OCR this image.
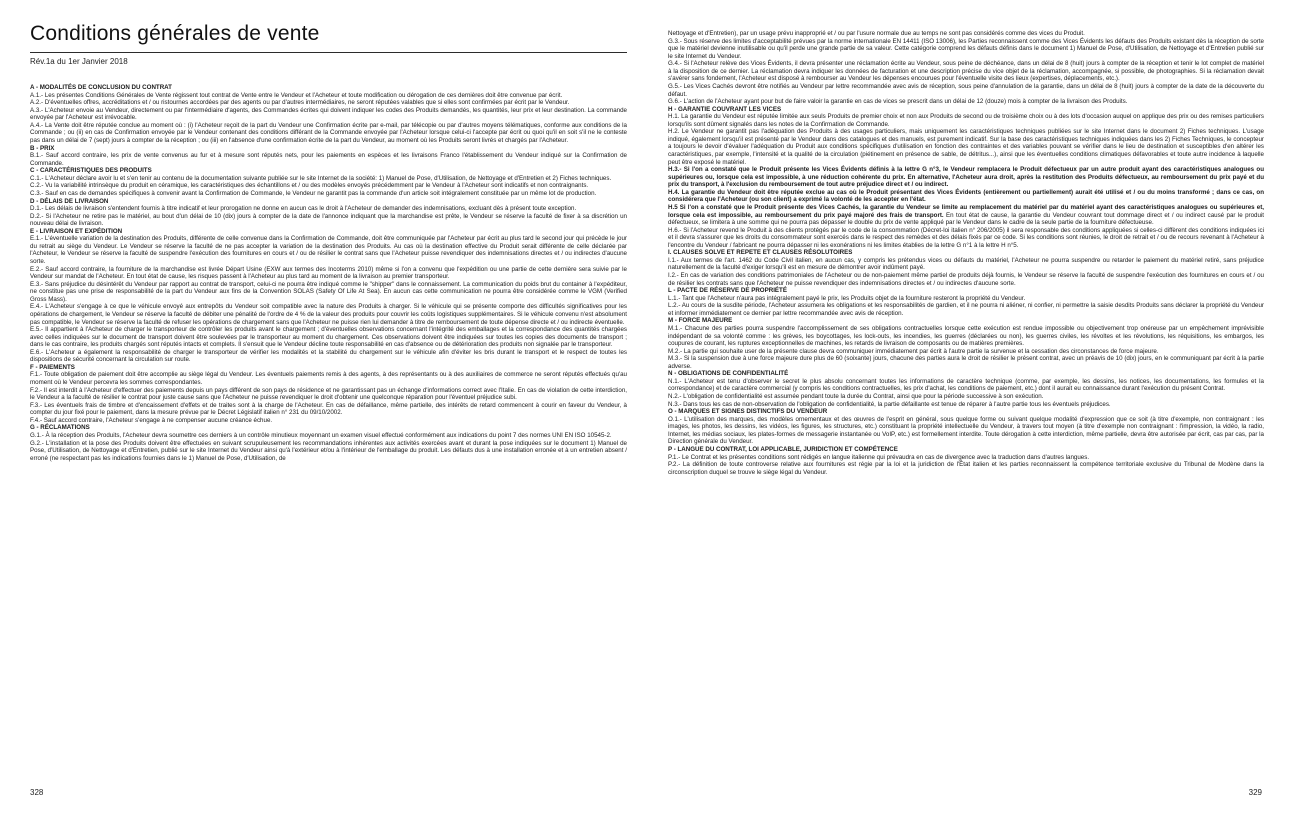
Conditions générales de vente
Rév.1a du 1er Janvier 2018
A - MODALITÉS DE CONCLUSION DU CONTRAT

A.1.- Les présentes Conditions Générales de Vente régissent tout contrat de Vente entre le Vendeur et l'Acheteur et toute modification ou dérogation de ces dernières doit être convenue par écrit.

A.2.- D'éventuelles offres, accréditations et / ou ristournes accordées par des agents ou par d'autres intermédiaires, ne seront réputées valables que si elles sont confirmées par écrit par le Vendeur.

A.3.- L'Acheteur envoie au Vendeur, directement ou par l'intermédiaire d'agents, des Commandes écrites qui doivent indiquer les codes des Produits demandés, les quantités, leur prix et leur destination. La commande envoyée par l'Acheteur est irrévocable.

A.4.- La Vente doit être réputée conclue au moment où : (i) l'Acheteur reçoit de la part du Vendeur une Confirmation écrite par e-mail, par télécopie ou par d'autres moyens télématiques, conforme aux conditions de la Commande ; ou (ii) en cas de Confirmation envoyée par le Vendeur contenant des conditions différant de la Commande envoyée par l'Acheteur lorsque celui-ci l'accepte par écrit ou quoi qu'il en soit s'il ne le conteste pas dans un délai de 7 (sept) jours à compter de la réception ; ou (iii) en l'absence d'une confirmation écrite de la part du Vendeur, au moment où les Produits seront livrés et chargés par l'Acheteur.

B - PRIX

B.1.- Sauf accord contraire, les prix de vente convenus au fur et à mesure sont réputés nets, pour les paiements en espèces et les livraisons Franco l'établissement du Vendeur indiqué sur la Confirmation de Commande.

C - CARACTÉRISTIQUES DES PRODUITS

C.1.- L'Acheteur déclare avoir lu et s'en tenir au contenu de la documentation suivante publiée sur le site Internet de la société: 1) Manuel de Pose, d'Utilisation, de Nettoyage et d'Entretien et 2) Fiches techniques.

C.2.- Vu la variabilité intrinsèque du produit en céramique, les caractéristiques des échantillons et / ou des modèles envoyés précédemment par le Vendeur à l'Acheteur sont indicatifs et non contraignants.

C.3.- Sauf en cas de demandes spécifiques à convenir avant la Confirmation de Commande, le Vendeur ne garantit pas la commande d'un article soit intégralement constituée par un même lot de production.

D - DÉLAIS DE LIVRAISON

D.1.- Les délais de livraison s'entendent fournis à titre indicatif et leur prorogation ne donne en aucun cas le droit à l'Acheteur de demander des indemnisations, excluant dès à présent toute exception.

D.2.- Si l'Acheteur ne retire pas le matériel, au bout d'un délai de 10 (dix) jours à compter de la date de l'annonce indiquant que la marchandise est prête, le Vendeur se réserve la faculté de fixer à sa discrétion un nouveau délai de livraison.

E - LIVRAISON ET EXPÉDITION

E.1.- L'éventuelle variation de la destination des Produits, différente de celle convenue dans la Confirmation de Commande, doit être communiquée par l'Acheteur par écrit au plus tard le second jour qui précède le jour du retrait au siège du Vendeur. Le Vendeur se réserve la faculté de ne pas accepter la variation de la destination des Produits. Au cas où la destination effective du Produit serait différente de celle déclarée par l'Acheteur, le Vendeur se réserve la faculté de suspendre l'exécution des fournitures en cours et / ou de résilier le contrat sans que l'Acheteur puisse revendiquer des indemnisations directes et / ou indirectes d'aucune sorte.

E.2.- Sauf accord contraire, la fourniture de la marchandise est livrée Départ Usine (EXW aux termes des Incoterms 2010) même si l'on a convenu que l'expédition ou une partie de cette dernière sera suivie par le Vendeur sur mandat de l'Acheteur. En tout état de cause, les risques passent à l'Acheteur au plus tard au moment de la livraison au premier transporteur.

E.3.- Sans préjudice du désintérêt du Vendeur par rapport au contrat de transport, celui-ci ne pourra être indiqué comme le "shipper" dans le connaissement. La communication du poids brut du container à l'expéditeur, ne constitue pas une prise de responsabilité de la part du Vendeur aux fins de la Convention SOLAS (Safety Of Life At Sea). En aucun cas cette communication ne pourra être considérée comme le VGM (Verified Gross Mass).

E.4.- L'Acheteur s'engage à ce que le véhicule envoyé aux entrepôts du Vendeur soit compatible avec la nature des Produits à charger. Si le véhicule qui se présente comporte des difficultés significatives pour les opérations de chargement, le Vendeur se réserve la faculté de débiter une pénalité de l'ordre de 4 % de la valeur des produits pour couvrir les coûts logistiques supplémentaires. Si le véhicule convenu n'est absolument pas compatible, le Vendeur se réserve la faculté de refuser les opérations de chargement sans que l'Acheteur ne puisse rien lui demander à titre de remboursement de toute dépense directe et / ou indirecte éventuelle.

E.5.- Il appartient à l'Acheteur de charger le transporteur de contrôler les produits avant le chargement ; d'éventuelles observations concernant l'intégrité des emballages et la correspondance des quantités chargées avec celles indiquées sur le document de transport doivent être soulevées par le transporteur au moment du chargement. Ces observations doivent être indiquées sur toutes les copies des documents de transport ; dans le cas contraire, les produits chargés sont réputés intacts et complets. Il s'ensuit que le Vendeur décline toute responsabilité en cas d'absence ou de détérioration des produits non signalée par le transporteur.

E.6.- L'Acheteur a également la responsabilité de charger le transporteur de vérifier les modalités et la stabilité du chargement sur le véhicule afin d'éviter les bris durant le transport et le respect de toutes les dispositions de sécurité concernant la circulation sur route.

F - PAIEMENTS

F.1.- Toute obligation de paiement doit être accomplie au siège légal du Vendeur. Les éventuels paiements remis à des agents, à des représentants ou à des auxiliaires de commerce ne seront réputés effectués qu'au moment où le Vendeur percevra les sommes correspondantes.

F.2.- Il est interdit à l'Acheteur d'effectuer des paiements depuis un pays différent de son pays de résidence et ne garantissant pas un échange d'informations correct avec l'Italie. En cas de violation de cette interdiction, le Vendeur a la faculté de résilier le contrat pour juste cause sans que l'Acheteur ne puisse revendiquer le droit d'obtenir une quelconque réparation pour l'éventuel préjudice subi.

F.3.- Les éventuels frais de timbre et d'encaissement d'effets et de traites sont à la charge de l'Acheteur. En cas de défaillance, même partielle, des intérêts de retard commencent à courir en faveur du Vendeur, à compter du jour fixé pour le paiement, dans la mesure prévue par le Décret Législatif italien n° 231 du 09/10/2002.

F.4.- Sauf accord contraire, l'Acheteur s'engage à ne compenser aucune créance échue.

G - RÉCLAMATIONS

G.1.- À la réception des Produits, l'Acheteur devra soumettre ces derniers à un contrôle minutieux moyennant un examen visuel effectué conformément aux indications du point 7 des normes UNI EN ISO 10545-2.

G.2.- L'installation et la pose des Produits doivent être effectuées en suivant scrupuleusement les recommandations inhérentes aux activités exercées avant et durant la pose indiquées sur le document 1) Manuel de Pose, d'Utilisation, de Nettoyage et d'Entretien, publié sur le site Internet du Vendeur ainsi qu'à l'extérieur et/ou à l'intérieur de l'emballage du produit. Les défauts dus à une installation erronée et à un entretien absent / erroné (ne respectant pas les indications fournies dans le 1) Manuel de Pose, d'Utilisation, de

Nettoyage et d'Entretien), par un usage prévu inapproprié et / ou par l'usure normale due au temps ne sont pas considérés comme des vices du Produit.

G.3.- Sous réserve des limites d'acceptabilité prévues par la norme internationale EN 14411 (ISO 13006), les Parties reconnaissent comme des Vices Évidents les défauts des Produits existant dès la réception de sorte que le matériel devienne inutilisable ou qu'il perde une grande partie de sa valeur. Cette catégorie comprend les défauts définis dans le document 1) Manuel de Pose, d'Utilisation, de Nettoyage et d'Entretien publié sur le site Internet du Vendeur.

G.4.- Si l'Acheteur relève des Vices Évidents, il devra présenter une réclamation écrite au Vendeur, sous peine de déchéance, dans un délai de 8 (huit) jours à compter de la réception et tenir le lot complet de matériel à la disposition de ce dernier. La réclamation devra indiquer les données de facturation et une description précise du vice objet de la réclamation, accompagnée, si possible, de photographies. Si la réclamation devait s'avérer sans fondement, l'Acheteur est disposé à rembourser au Vendeur les dépenses encourues pour l'éventuelle visite des lieux (expertises, déplacements, etc.).

G.5.- Les Vices Cachés devront être notifiés au Vendeur par lettre recommandée avec avis de réception, sous peine d'annulation de la garantie, dans un délai de 8 (huit) jours à compter de la date de la découverte du défaut.

G.6.- L'action de l'Acheteur ayant pour but de faire valoir la garantie en cas de vices se prescrit dans un délai de 12 (douze) mois à compter de la livraison des Produits.

H - GARANTIE COUVRANT LES VICES

H.1. La garantie du Vendeur est réputée limitée aux seuls Produits de premier choix et non aux Produits de second ou de troisième choix ou à des lots d'occasion auquel on applique des prix ou des remises particuliers lorsqu'ils sont dûment signalés dans les notes de la Confirmation de Commande.

H.2. Le Vendeur ne garantit pas l'adéquation des Produits à des usages particuliers, mais uniquement les caractéristiques techniques publiées sur le site Internet dans le document 2) Fiches techniques. L'usage indiqué, également lorsqu'il est présenté par le Vendeur dans des catalogues et des manuels, est purement indicatif. Sur la base des caractéristiques techniques indiquées dans les 2) Fiches Techniques, le concepteur a toujours le devoir d'évaluer l'adéquation du Produit aux conditions spécifiques d'utilisation en fonction des contraintes et des variables pouvant se vérifier dans le lieu de destination et susceptibles d'en altérer les caractéristiques, par exemple, l'intensité et la qualité de la circulation (piétinement en présence de sable, de détritus...), ainsi que les éventuelles conditions climatiques défavorables et toute autre incidence à laquelle peut être exposé le matériel.

H.3.- Si l'on a constaté que le Produit présente les Vices Évidents définis à la lettre G n°3, le Vendeur remplacera le Produit défectueux par un autre produit ayant des caractéristiques analogues ou supérieures ou, lorsque cela est impossible, à une réduction cohérente du prix. En alternative, l'Acheteur aura droit, après la restitution des Produits défectueux, au remboursement du prix payé et du prix du transport, à l'exclusion du remboursement de tout autre préjudice direct et / ou indirect.

H.4. La garantie du Vendeur doit être réputée exclue au cas où le Produit présentant des Vices Évidents (entièrement ou partiellement) aurait été utilisé et / ou du moins transformé ; dans ce cas, on considérera que l'Acheteur (ou son client) a exprimé la volonté de les accepter en l'état.

H.5 Si l'on a constaté que le Produit présente des Vices Cachés, la garantie du Vendeur se limite au remplacement du matériel par du matériel ayant des caractéristiques analogues ou supérieures et, lorsque cela est impossible, au remboursement du prix payé majoré des frais de transport. En tout état de cause, la garantie du Vendeur couvrant tout dommage direct et / ou indirect causé par le produit défectueux, se limitera à une somme qui ne pourra pas dépasser le double du prix de vente appliqué par le Vendeur dans le cadre de la seule partie de la fourniture défectueuse.

H.6.- Si l'Acheteur revend le Produit à des clients protégés par le code de la consommation (Décret-loi italien n° 206/2005) il sera responsable des conditions appliquées si celles-ci diffèrent des conditions indiquées ici et il devra s'assurer que les droits du consommateur sont exercés dans le respect des remèdes et des délais fixés par ce code. Si les conditions sont réunies, le droit de retrait et / ou de recours revenant à l'Acheteur à l'encontre du Vendeur / fabricant ne pourra dépasser ni les exonérations ni les limites établies de la lettre G n°1 à la lettre H n°5.

I. CLAUSES SOLVE ET REPETE ET CLAUSES RÉSOLUTOIRES

I.1.- Aux termes de l'art. 1462 du Code Civil italien, en aucun cas, y compris les prétendus vices ou défauts du matériel, l'Acheteur ne pourra suspendre ou retarder le paiement du matériel retiré, sans préjudice naturellement de la faculté d'exiger lorsqu'il est en mesure de démontrer avoir indûment payé.

I.2.- En cas de variation des conditions patrimoniales de l'Acheteur ou de non-paiement même partiel de produits déjà fournis, le Vendeur se réserve la faculté de suspendre l'exécution des fournitures en cours et / ou de résilier les contrats sans que l'Acheteur ne puisse revendiquer des indemnisations directes et / ou indirectes d'aucune sorte.

L - PACTE DE RÉSERVE DE PROPRIÉTÉ

L.1.- Tant que l'Acheteur n'aura pas intégralement payé le prix, les Produits objet de la fourniture resteront la propriété du Vendeur.

L.2.- Au cours de la susdite période, l'Acheteur assumera les obligations et les responsabilités de gardien, et il ne pourra ni aliéner, ni confier, ni permettre la saisie desdits Produits sans déclarer la propriété du Vendeur et informer immédiatement ce dernier par lettre recommandée avec avis de réception.

M - FORCE MAJEURE

M.1.- Chacune des parties pourra suspendre l'accomplissement de ses obligations contractuelles lorsque cette exécution est rendue impossible ou objectivement trop onéreuse par un empêchement imprévisible indépendant de sa volonté comme : les grèves, les boycottages, les lock-outs, les incendies, les guerres (déclarées ou non), les guerres civiles, les révoltes et les révolutions, les réquisitions, les embargos, les coupures de courant, les ruptures exceptionnelles de machines, les retards de livraison de composants ou de matières premières.

M.2.- La partie qui souhaite user de la présente clause devra communiquer immédiatement par écrit à l'autre partie la survenue et la cessation des circonstances de force majeure.

M.3.- Si la suspension due à une force majeure dure plus de 60 (soixante) jours, chacune des parties aura le droit de résilier le présent contrat, avec un préavis de 10 (dix) jours, en le communiquant par écrit à la partie adverse.

N - OBLIGATIONS DE CONFIDENTIALITÉ

N.1.- L'Acheteur est tenu d'observer le secret le plus absolu concernant toutes les informations de caractère technique (comme, par exemple, les dessins, les notices, les documentations, les formules et la correspondance) et de caractère commercial (y compris les conditions contractuelles, les prix d'achat, les conditions de paiement, etc.) dont il aurait eu connaissance durant l'exécution du présent Contrat.

N.2.- L'obligation de confidentialité est assumée pendant toute la durée du Contrat, ainsi que pour la période successive à son exécution.

N.3.- Dans tous les cas de non-observation de l'obligation de confidentialité, la partie défaillante est tenue de réparer à l'autre partie tous les éventuels préjudices.

O - MARQUES ET SIGNES DISTINCTIFS DU VENDEUR

O.1.- L'utilisation des marques, des modèles ornementaux et des œuvres de l'esprit en général, sous quelque forme ou suivant quelque modalité d'expression que ce soit (à titre d'exemple, non contraignant : les images, les photos, les dessins, les vidéos, les figures, les structures, etc.) constituant la propriété intellectuelle du Vendeur, à travers tout moyen (à titre d'exemple non contraignant : l'impression, la vidéo, la radio, Internet, les médias sociaux, les plates-formes de messagerie instantanée ou VoIP, etc.) est formellement interdite. Toute dérogation à cette interdiction, même partielle, devra être autorisée par écrit, cas par cas, par la Direction générale du Vendeur.

P - LANGUE DU CONTRAT, LOI APPLICABLE, JURIDICTION ET COMPÉTENCE

P.1.- Le Contrat et les présentes conditions sont rédigés en langue italienne qui prévaudra en cas de divergence avec la traduction dans d'autres langues.

P.2.- La définition de toute controverse relative aux fournitures est régie par la loi et la juridiction de l'État italien et les parties reconnaissent la compétence territoriale exclusive du Tribunal de Modène dans la circonscription duquel se trouve le siège légal du Vendeur.

328	329
